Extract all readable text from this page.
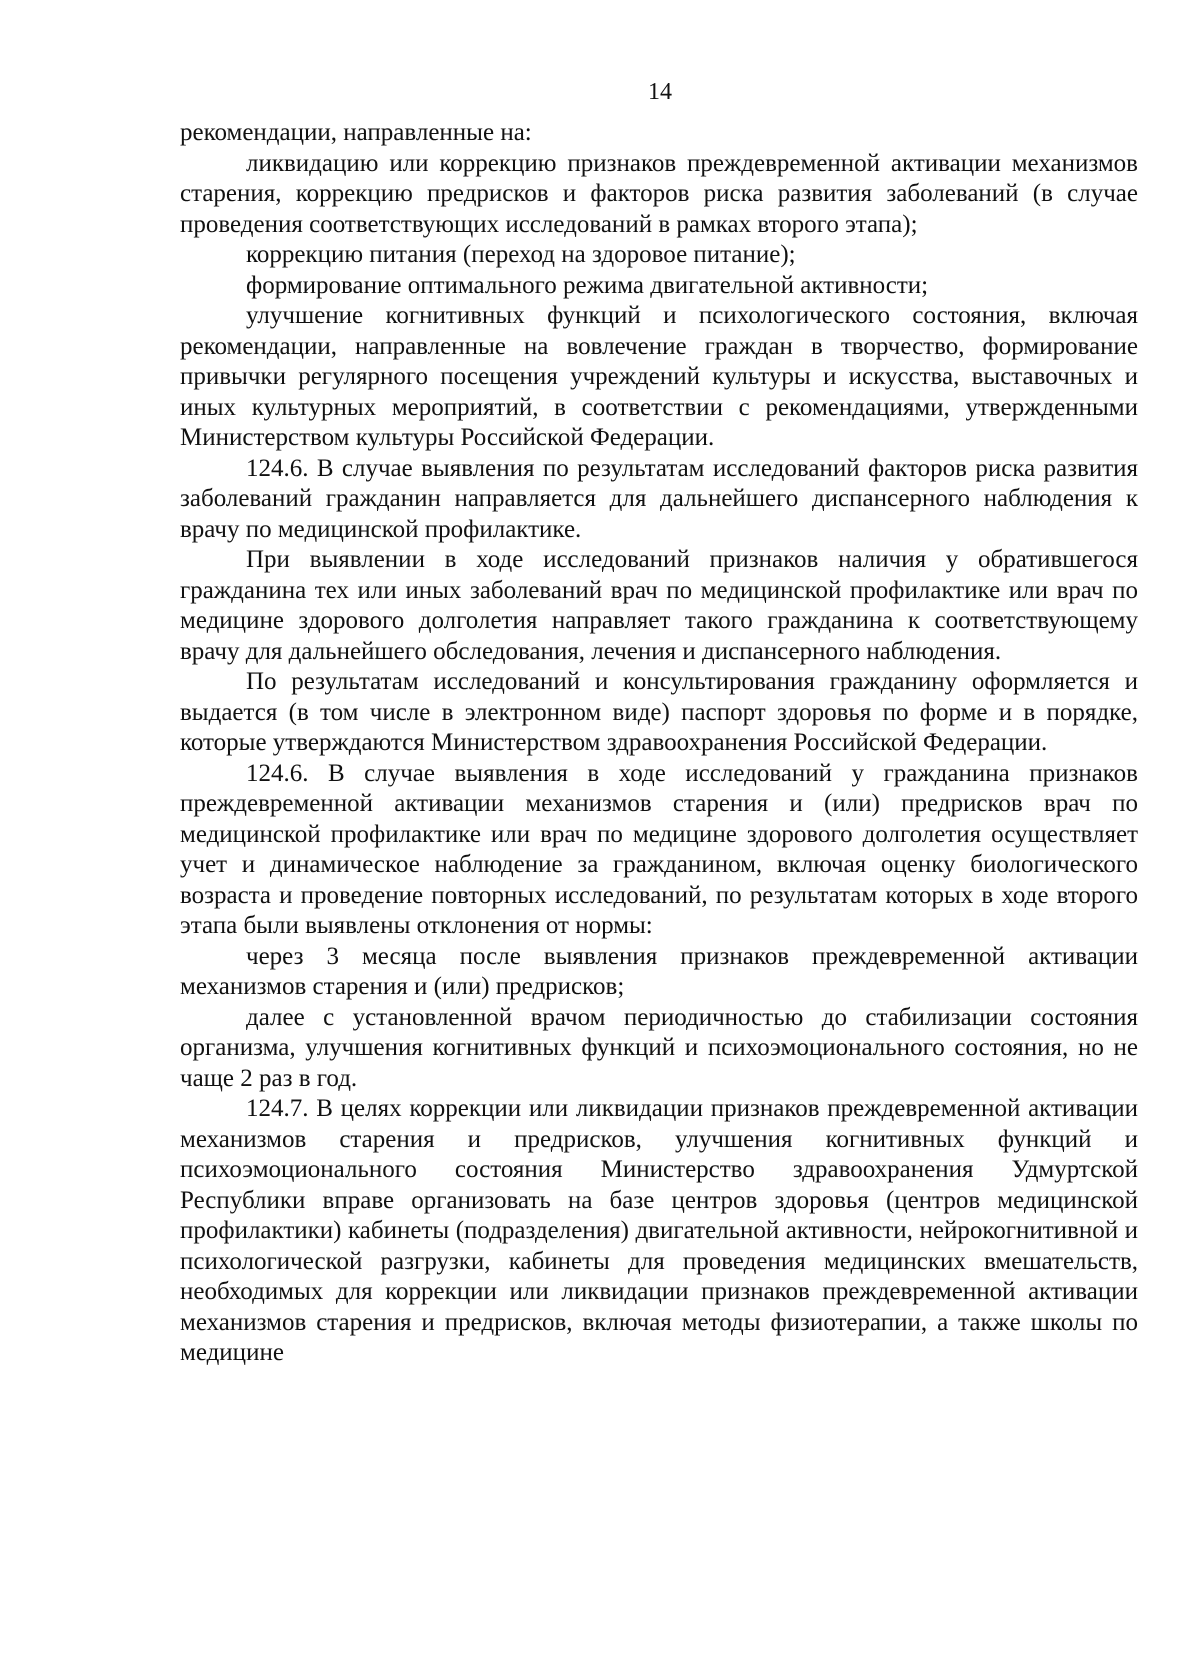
14

рекомендации, направленные на:

ликвидацию или коррекцию признаков преждевременной активации механизмов старения, коррекцию предрисков и факторов риска развития заболеваний (в случае проведения соответствующих исследований в рамках второго этапа);

коррекцию питания (переход на здоровое питание);

формирование оптимального режима двигательной активности;

улучшение когнитивных функций и психологического состояния, включая рекомендации, направленные на вовлечение граждан в творчество, формирование привычки регулярного посещения учреждений культуры и искусства, выставочных и иных культурных мероприятий, в соответствии с рекомендациями, утвержденными Министерством культуры Российской Федерации.

124.6. В случае выявления по результатам исследований факторов риска развития заболеваний гражданин направляется для дальнейшего диспансерного наблюдения к врачу по медицинской профилактике.

При выявлении в ходе исследований признаков наличия у обратившегося гражданина тех или иных заболеваний врач по медицинской профилактике или врач по медицине здорового долголетия направляет такого гражданина к соответствующему врачу для дальнейшего обследования, лечения и диспансерного наблюдения.

По результатам исследований и консультирования гражданину оформляется и выдается (в том числе в электронном виде) паспорт здоровья по форме и в порядке, которые утверждаются Министерством здравоохранения Российской Федерации.

124.6. В случае выявления в ходе исследований у гражданина признаков преждевременной активации механизмов старения и (или) предрисков врач по медицинской профилактике или врач по медицине здорового долголетия осуществляет учет и динамическое наблюдение за гражданином, включая оценку биологического возраста и проведение повторных исследований, по результатам которых в ходе второго этапа были выявлены отклонения от нормы:

через 3 месяца после выявления признаков преждевременной активации механизмов старения и (или) предрисков;

далее с установленной врачом периодичностью до стабилизации состояния организма, улучшения когнитивных функций и психоэмоционального состояния, но не чаще 2 раз в год.

124.7. В целях коррекции или ликвидации признаков преждевременной активации механизмов старения и предрисков, улучшения когнитивных функций и психоэмоционального состояния Министерство здравоохранения Удмуртской Республики вправе организовать на базе центров здоровья (центров медицинской профилактики) кабинеты (подразделения) двигательной активности, нейрокогнитивной и психологической разгрузки, кабинеты для проведения медицинских вмешательств, необходимых для коррекции или ликвидации признаков преждевременной активации механизмов старения и предрисков, включая методы физиотерапии, а также школы по медицине
